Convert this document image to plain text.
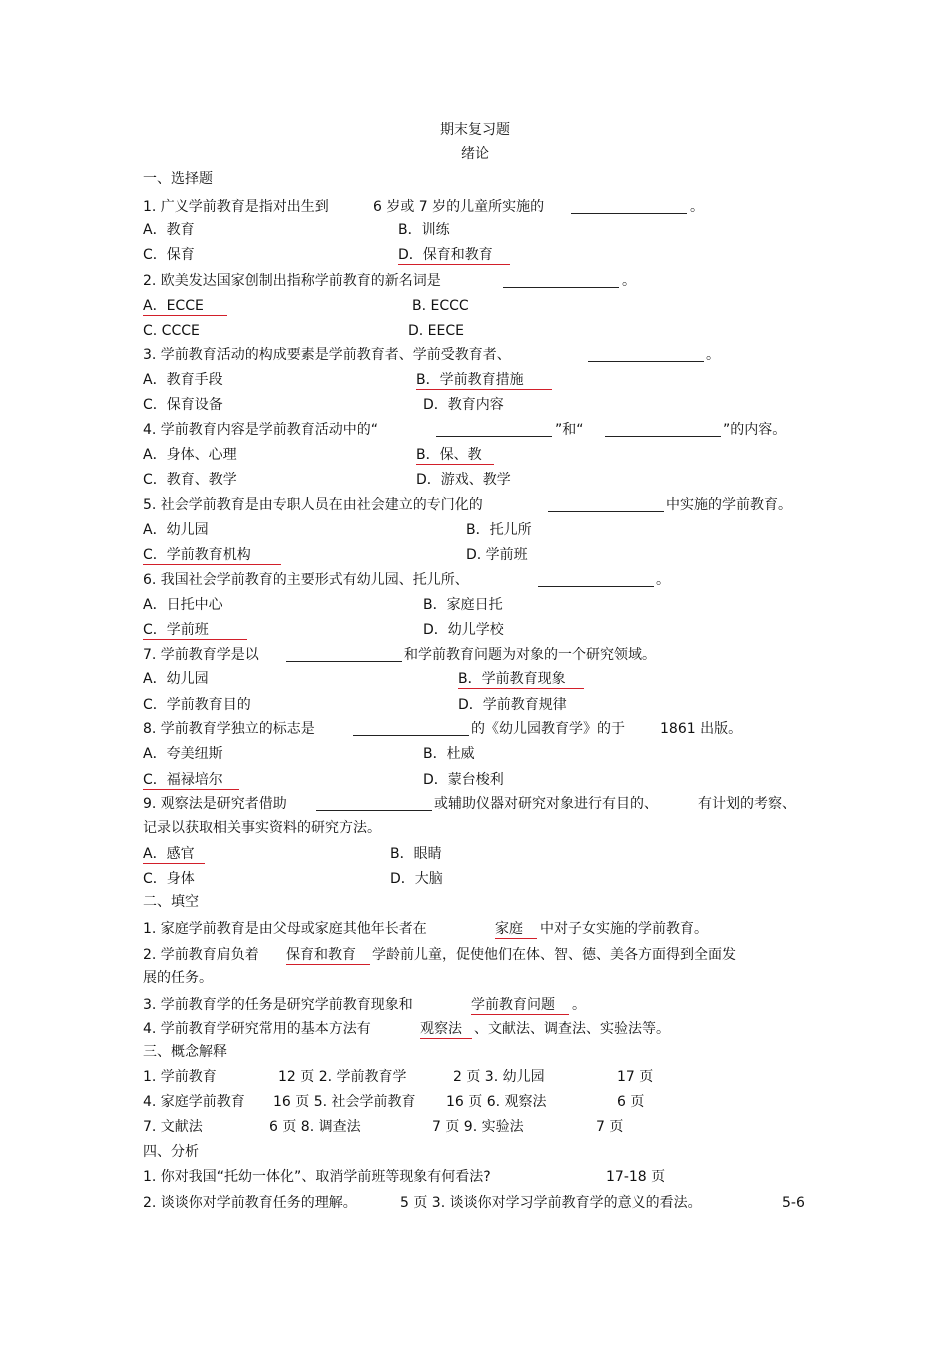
期末复习题
绪论
一、选择题
1. 广义学前教育是指对出生到	6 岁或 7 岁的儿童所实施的	。
A．教育	B．训练
C．保育	D．保育和教育
2. 欧美发达国家创制出指称学前教育的新名词是	。
A．ECCE	B. ECCC
C. CCCE	D. EECE
3. 学前教育活动的构成要素是学前教育者、学前受教育者、	。
A．教育手段	B．学前教育措施
C．保育设备	D．教育内容
4. 学前教育内容是学前教育活动中的“	”和“	”的内容。
A．身体、心理	B．保、教
C．教育、教学	D．游戏、教学
5. 社会学前教育是由专职人员在由社会建立的专门化的	中实施的学前教育。
A．幼儿园	B．托儿所
C．学前教育机构	D. 学前班
6. 我国社会学前教育的主要形式有幼儿园、托儿所、	。
A．日托中心	B．家庭日托
C．学前班	D．幼儿学校
7. 学前教育学是以	和学前教育问题为对象的一个研究领域。
A．幼儿园	B．学前教育现象
C．学前教育目的	D．学前教育规律
8. 学前教育学独立的标志是	的《幼儿园教育学》的于	1861 出版。
A．夸美纽斯	B．杜威
C．福禄培尔	D．蒙台梭利
9. 观察法是研究者借助	或辅助仪器对研究对象进行有目的、	有计划的考察、
记录以获取相关事实资料的研究方法。
A．感官	B．眼睛
C．身体	D．大脑
二、填空
1. 家庭学前教育是由父母或家庭其他年长者在	家庭	中对子女实施的学前教育。
2. 学前教育肩负着 保育和教育	学龄前儿童，促使他们在体、智、德、美各方面得到全面发
展的任务。
3. 学前教育学的任务是研究学前教育现象和	学前教育问题	。
4. 学前教育学研究常用的基本方法有	观察法 、文献法、调查法、实验法等。
三、概念解释
1. 学前教育	12 页 2. 学前教育学	2 页 3. 幼儿园	17 页
4. 家庭学前教育 16 页 5. 社会学前教育 16 页 6. 观察法	6 页
7. 文献法	6 页 8. 调查法	7 页 9. 实验法	7 页
四、分析
1. 你对我国“托幼一体化”、取消学前班等现象有何看法?	17-18 页
2. 谈谈你对学前教育任务的理解。	5 页 3. 谈谈你对学习学前教育学的意义的看法。	5-6
